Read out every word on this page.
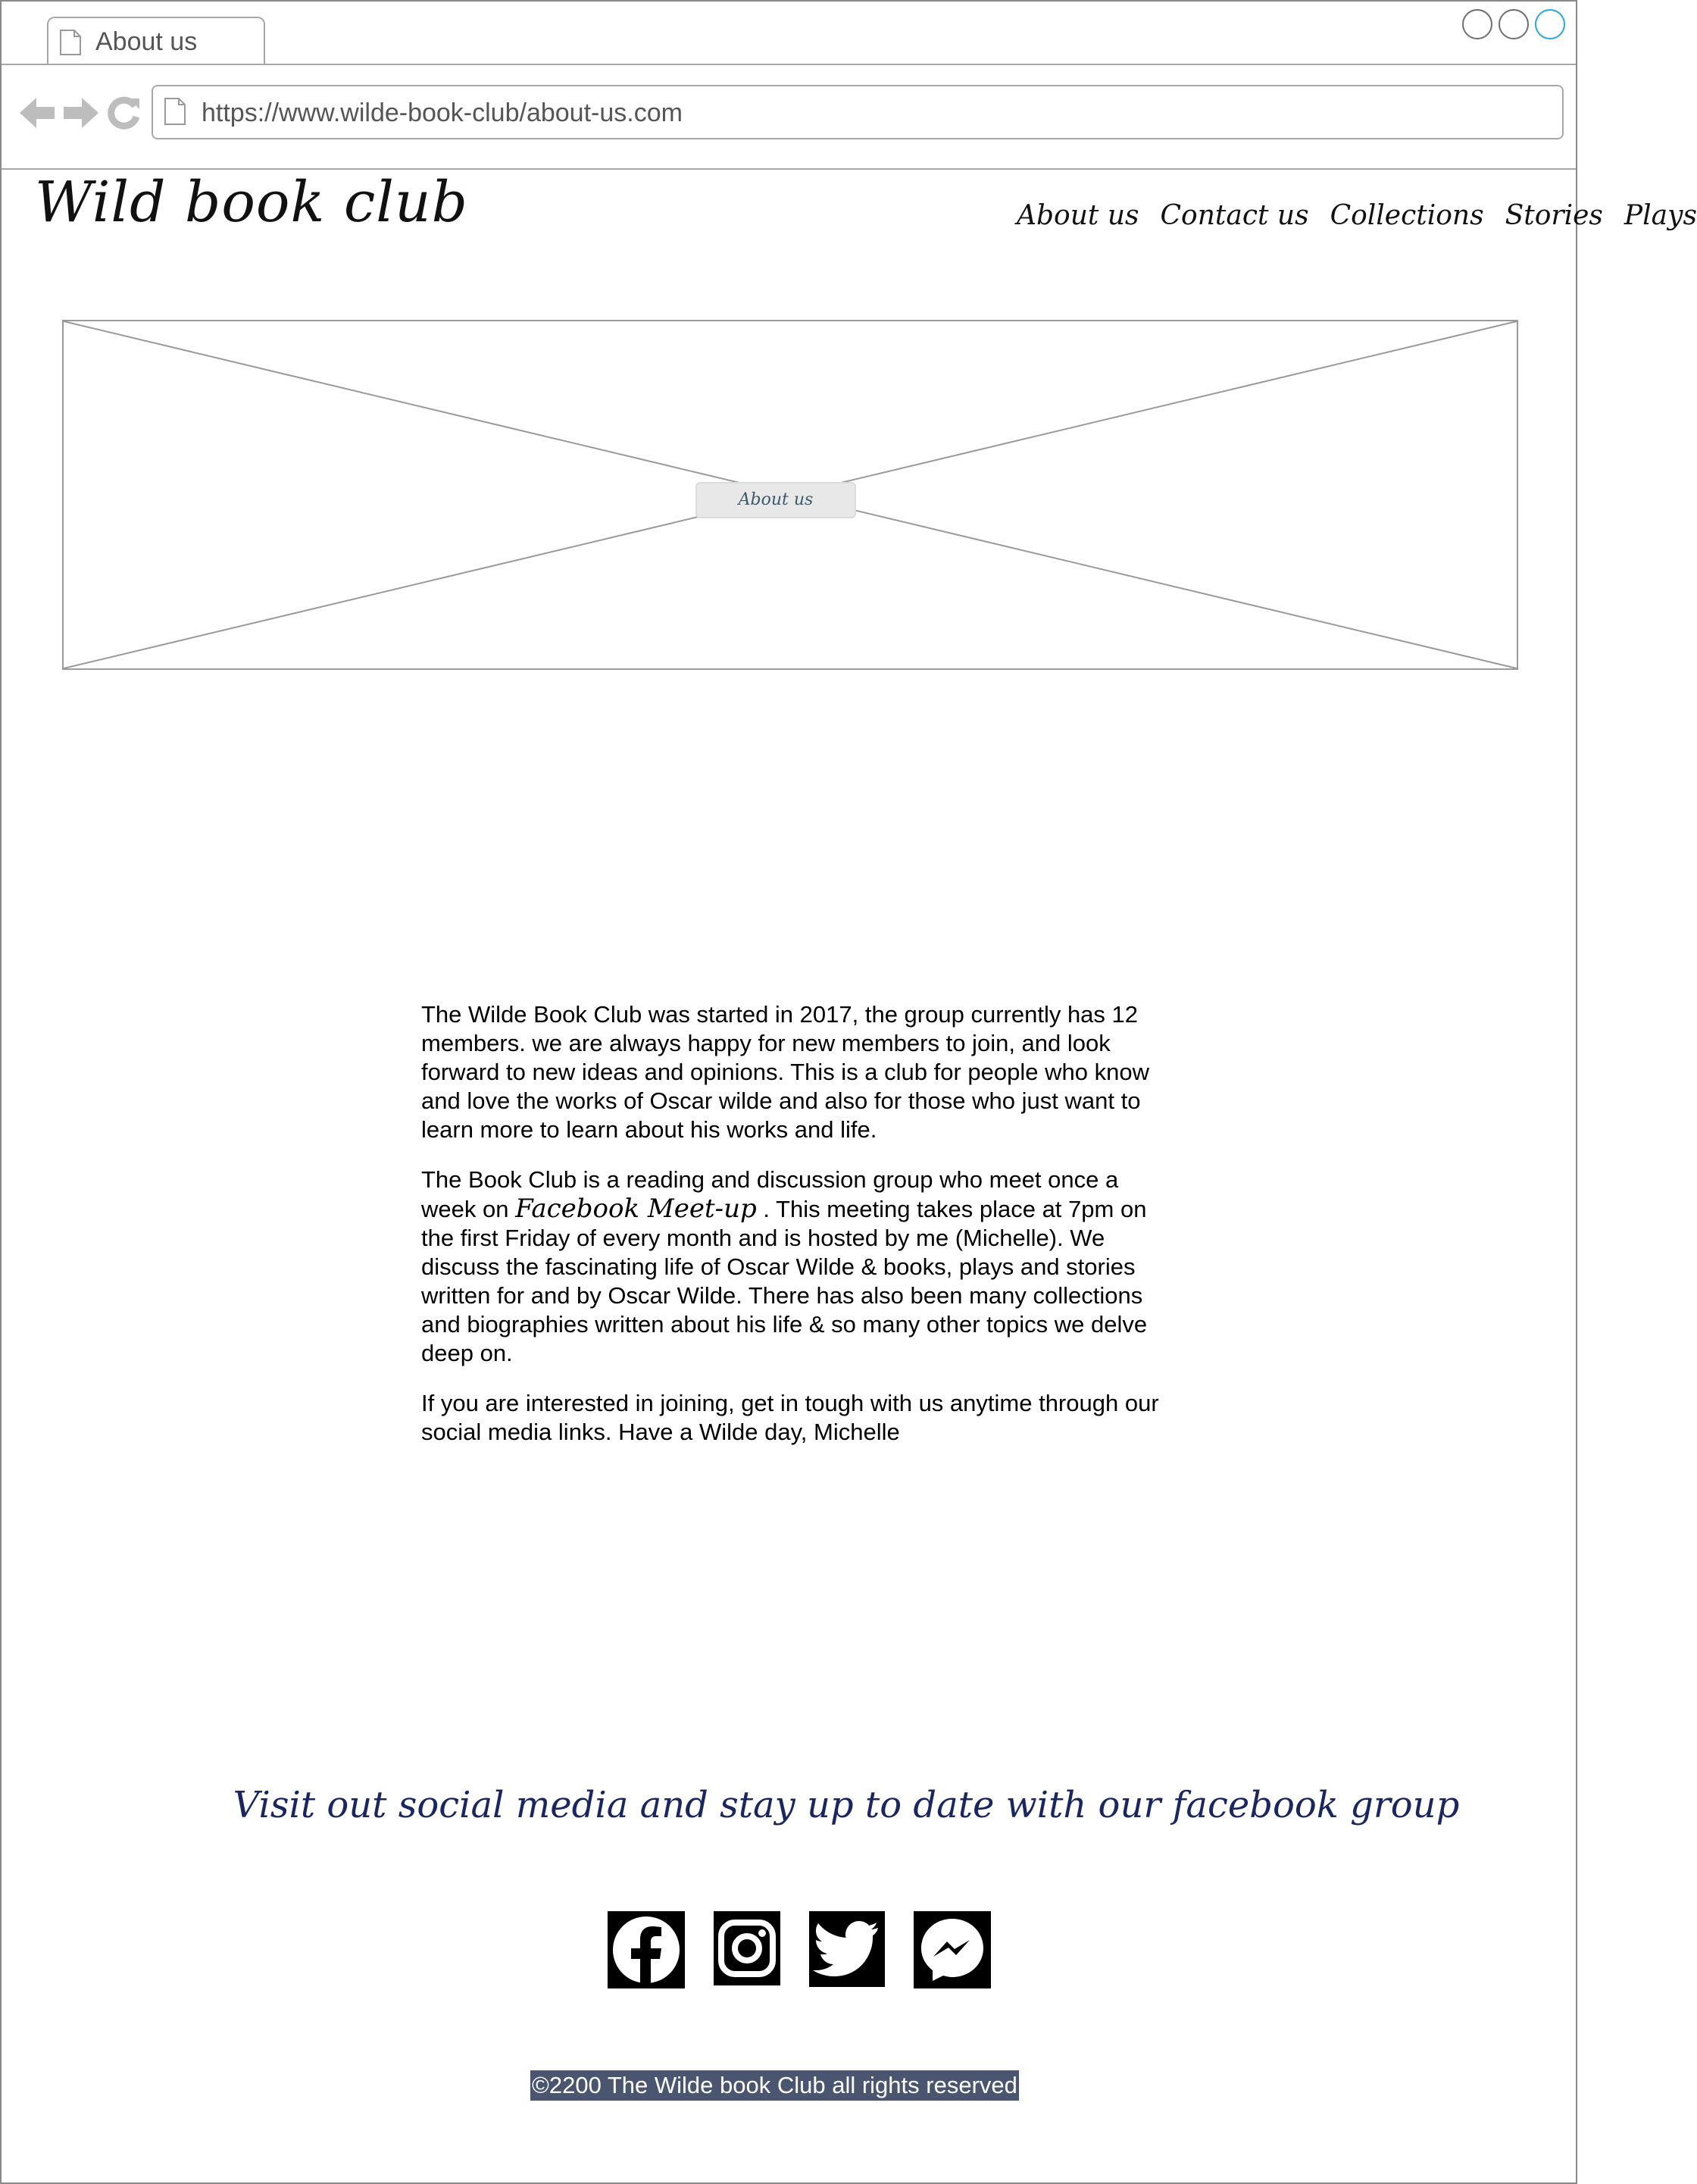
About us
https://www.wilde-book-club/about-us.com
Wild book club	About us Contact us Collections Stories Plays
About us

The Wilde Book Club was started in 2017, the group currently has 12 members. we are always happy for new members to join, and look forward to new ideas and opinions. This is a club for people who know and love the works of Oscar wilde and also for those who just want to learn more to learn about his works and life.

The Book Club is a reading and discussion group who meet once a week on Facebook Meet-up . This meeting takes place at 7pm on the first Friday of every month and is hosted by me (Michelle). We discuss the fascinating life of Oscar Wilde & books, plays and stories written for and by Oscar Wilde. There has also been many collections and biographies written about his life & so many other topics we delve deep on.

If you are interested in joining, get in tough with us anytime through our social media links. Have a Wilde day, Michelle

Visit out social media and stay up to date with our facebook group
©2200 The Wilde book Club all rights reserved
